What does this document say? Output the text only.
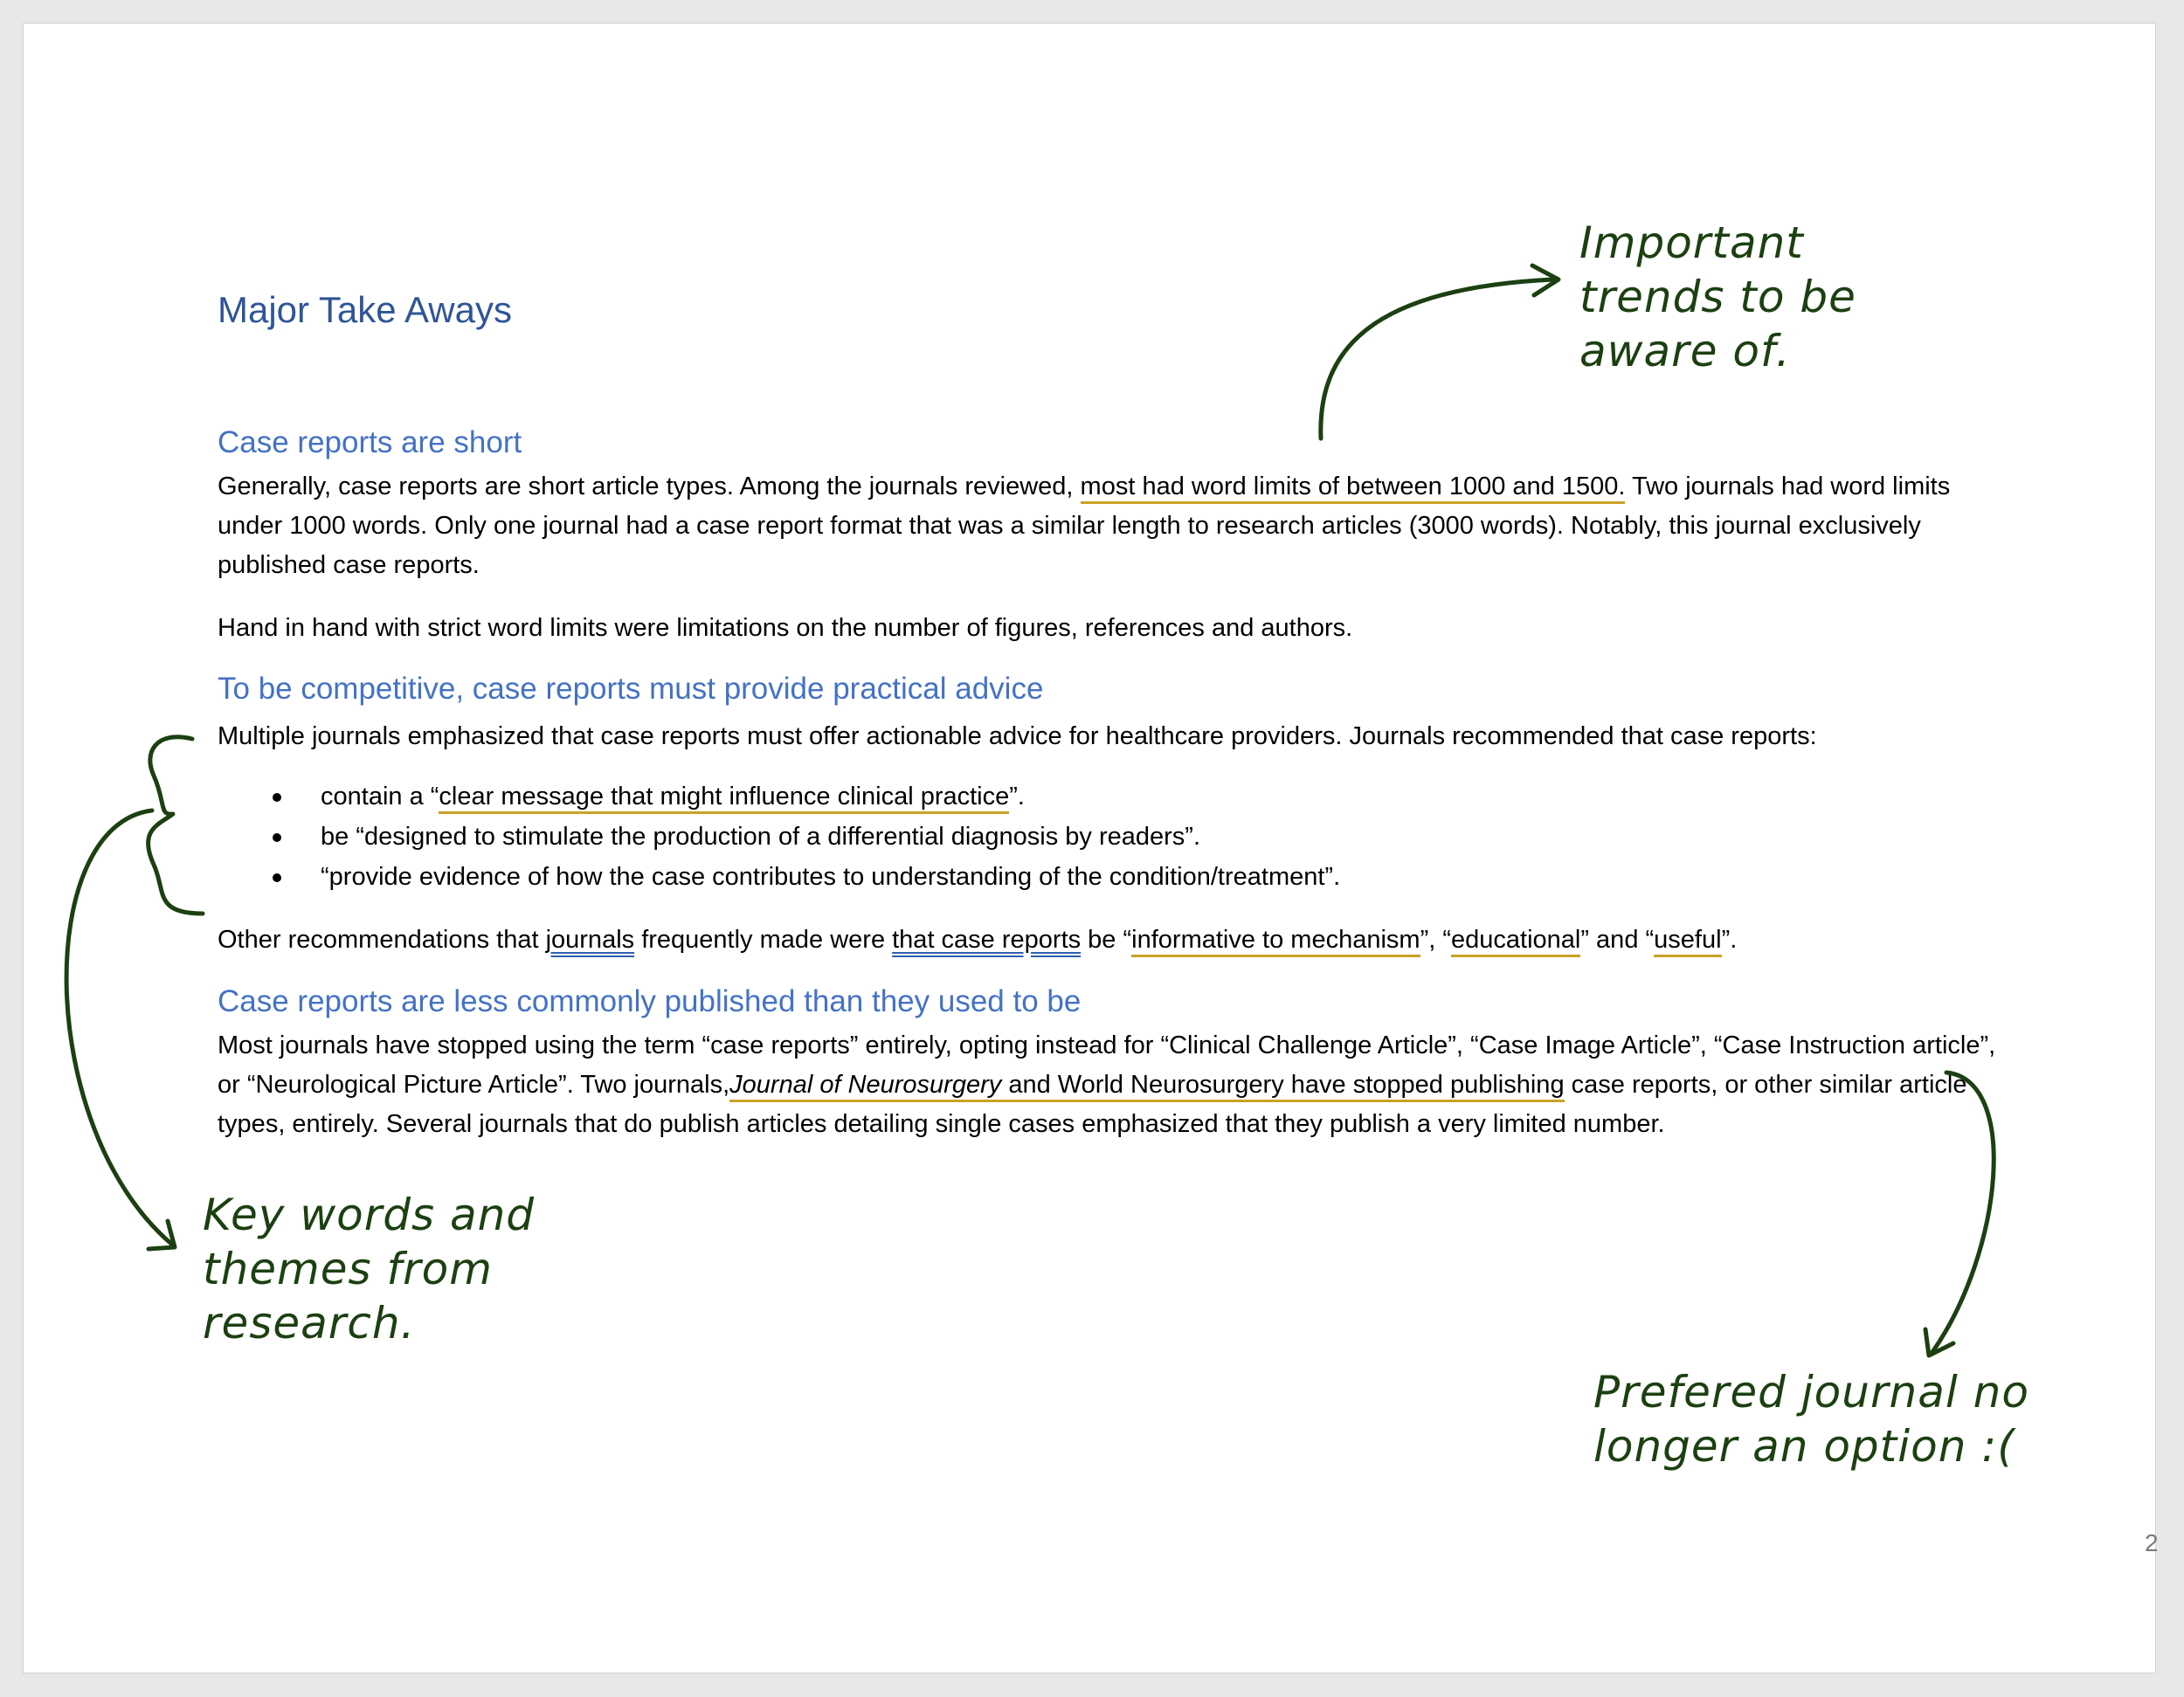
Major Take Aways
Case reports are short

Generally, case reports are short article types. Among the journals reviewed, most had word limits of between 1000 and 1500. Two journals had word limits under 1000 words. Only one journal had a case report format that was a similar length to research articles (3000 words). Notably, this journal exclusively published case reports.

Hand in hand with strict word limits were limitations on the number of figures, references and authors.

To be competitive, case reports must provide practical advice

Multiple journals emphasized that case reports must offer actionable advice for healthcare providers. Journals recommended that case reports:

contain a “clear message that might influence clinical practice”.
be “designed to stimulate the production of a differential diagnosis by readers”.
“provide evidence of how the case contributes to understanding of the condition/treatment”.

Other recommendations that journals frequently made were that case reports be “informative to mechanism”, “educational” and “useful”.

Case reports are less commonly published than they used to be

Most journals have stopped using the term “case reports” entirely, opting instead for “Clinical Challenge Article”, “Case Image Article”, “Case Instruction article”, or “Neurological Picture Article”. Two journals,Journal of Neurosurgery and World Neurosurgery have stopped publishing case reports, or other similar article types, entirely. Several journals that do publish articles detailing single cases emphasized that they publish a very limited number.

2
Important
trends to be
aware of.
Key words and
themes from
research.
Prefered journal no
longer an option :(
